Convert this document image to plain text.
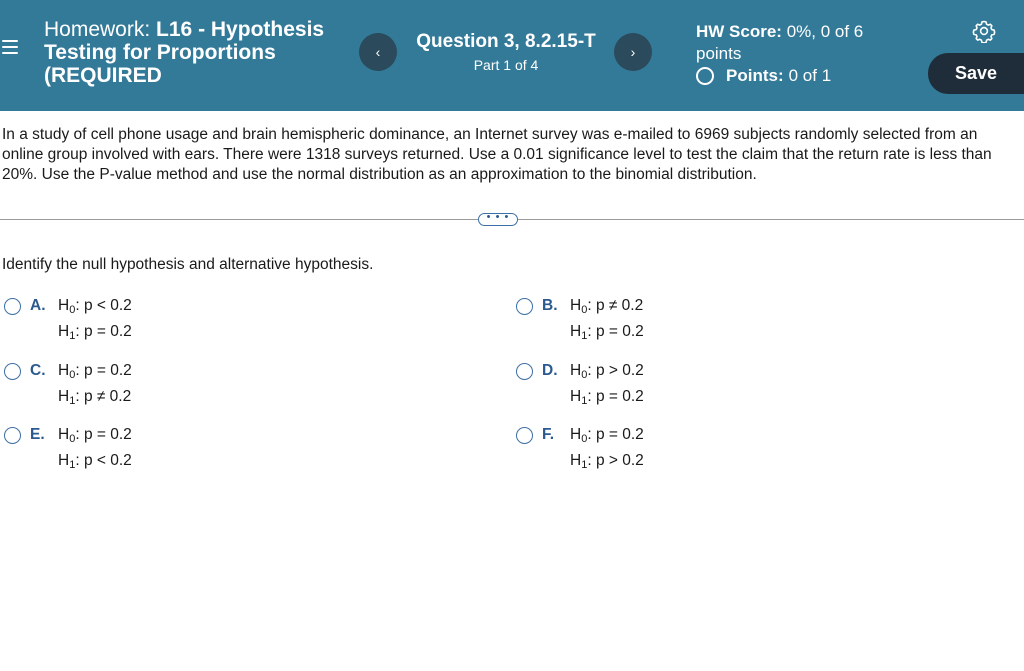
Homework: L16 - Hypothesis Testing for Proportions (REQUIRED
‹	Question 3, 8.2.15-T
Part 1 of 4
›
HW Score: 0%, 0 of 6 points
Points: 0 of 1	Save
In a study of cell phone usage and brain hemispheric dominance, an Internet survey was e-mailed to 6969 subjects randomly selected from an online group involved with ears. There were 1318 surveys returned. Use a 0.01 significance level to test the claim that the return rate is less than 20%. Use the P-value method and use the normal distribution as an approximation to the binomial distribution.
• • •
Identify the null hypothesis and alternative hypothesis.
A. $H_0$: p < 0.2
$H_1$: p = 0.2
B. $H_0$: p ≠ 0.2
$H_1$: p = 0.2
C. $H_0$: p = 0.2
$H_1$: p ≠ 0.2
D. $H_0$: p > 0.2
$H_1$: p = 0.2
E. $H_0$: p = 0.2
$H_1$: p < 0.2
F. $H_0$: p = 0.2
$H_1$: p > 0.2
